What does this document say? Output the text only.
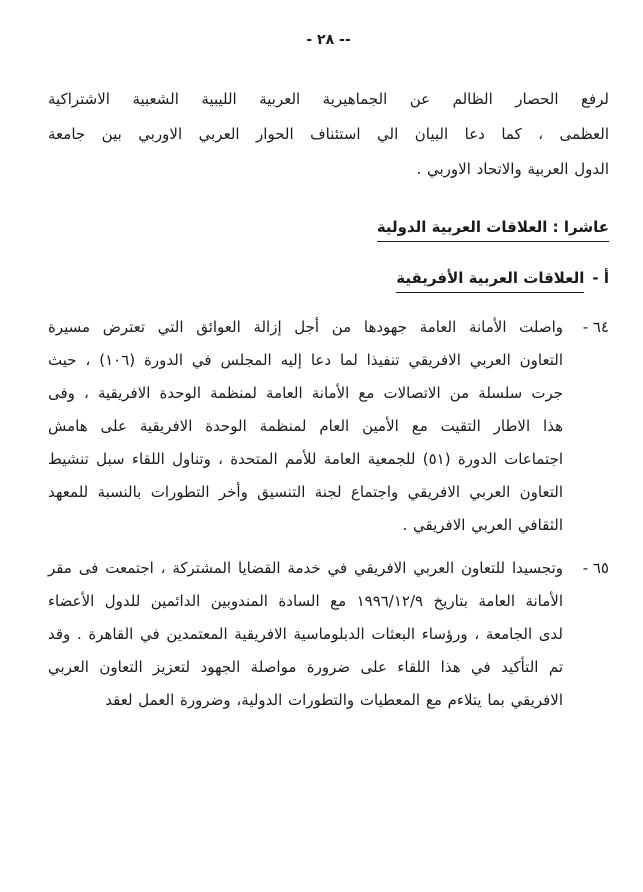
- ٢٨ --
لرفع الحصار الظالم عن الجماهيرية العربية الليبية الشعبية الاشتراكية
العظمى ، كما دعا البيان الي استئناف الحوار العربي الاوربي بين جامعة
الدول العربية والاتحاد الاوربي .
عاشرا : العلاقات العربية الدولية
أ -العلاقات العربية الأفريقية
٦٤ -
واصلت الأمانة العامة جهودها من أجل إزالة العوائق التي تعترض مسيرة
التعاون العربي الافريقي تنفيذا لما دعا إليه المجلس في الدورة (١٠٦) ، حيث
جرت سلسلة من الاتصالات مع الأمانة العامة لمنظمة الوحدة الافريقية ، وفى
هذا الاطار التقيت مع الأمين العام لمنظمة الوحدة الافريقية على هامش
اجتماعات الدورة (٥١) للجمعية العامة للأمم المتحدة ، وتناول اللقاء سبل تنشيط
التعاون العربي الافريقي واجتماع لجنة التنسيق وأخر التطورات بالنسبة للمعهد
الثقافي العربي الافريقي .
٦٥ -
وتجسيدا للتعاون العربي الافريقي في خدمة القضايا المشتركة ، اجتمعت فى مقر
الأمانة العامة بتاريخ ١٩٩٦/١٢/٩ مع السادة المندوبين الدائمين للدول الأعضاء
لدى الجامعة ، ورؤساء البعثات الدبلوماسية الافريقية المعتمدين في القاهرة . وقد
تم التأكيد في هذا اللقاء على ضرورة مواصلة الجهود لتعزيز التعاون العربي
الافريقي بما يتلاءم مع المعطيات والتطورات الدولية، وضرورة العمل لعقد
